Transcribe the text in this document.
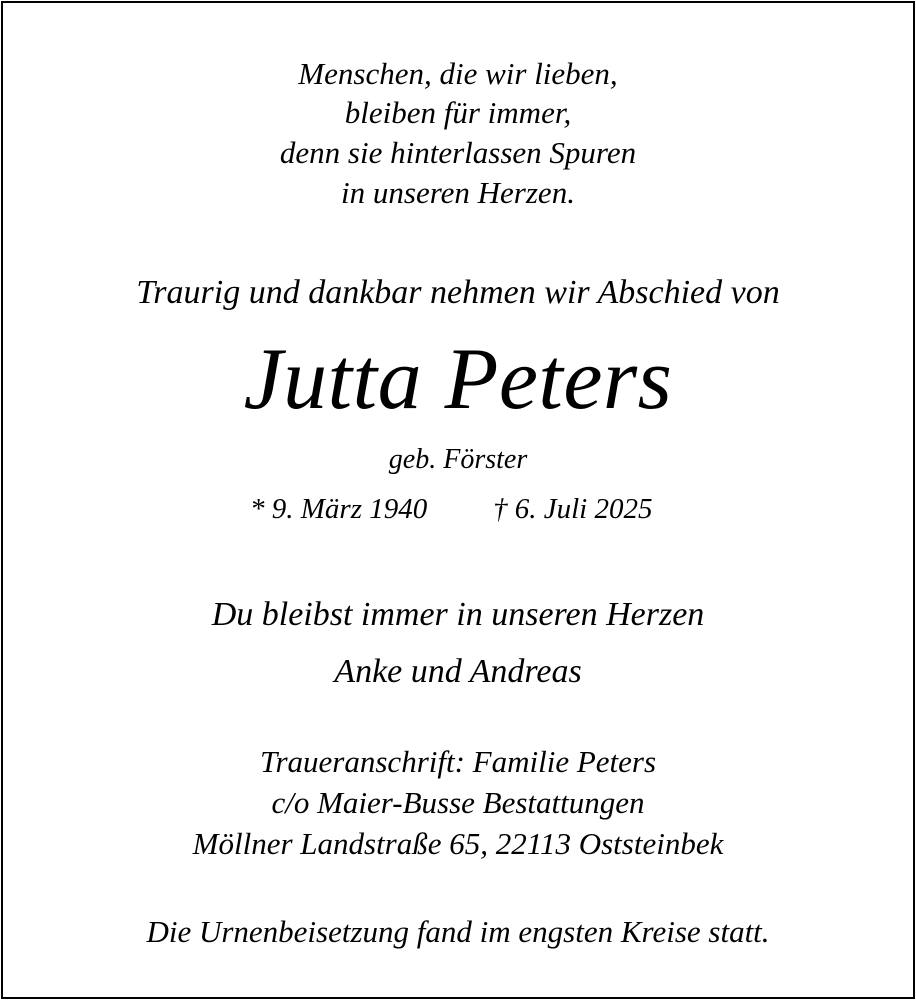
Menschen, die wir lieben,
bleiben für immer,
denn sie hinterlassen Spuren
in unseren Herzen.
Traurig und dankbar nehmen wir Abschied von
Jutta Peters
geb. Förster
* 9. März 1940 † 6. Juli 2025
Du bleibst immer in unseren Herzen
Anke und Andreas
Traueranschrift: Familie Peters
c/o Maier-Busse Bestattungen
Möllner Landstraße 65, 22113 Oststeinbek
Die Urnenbeisetzung fand im engsten Kreise statt.
